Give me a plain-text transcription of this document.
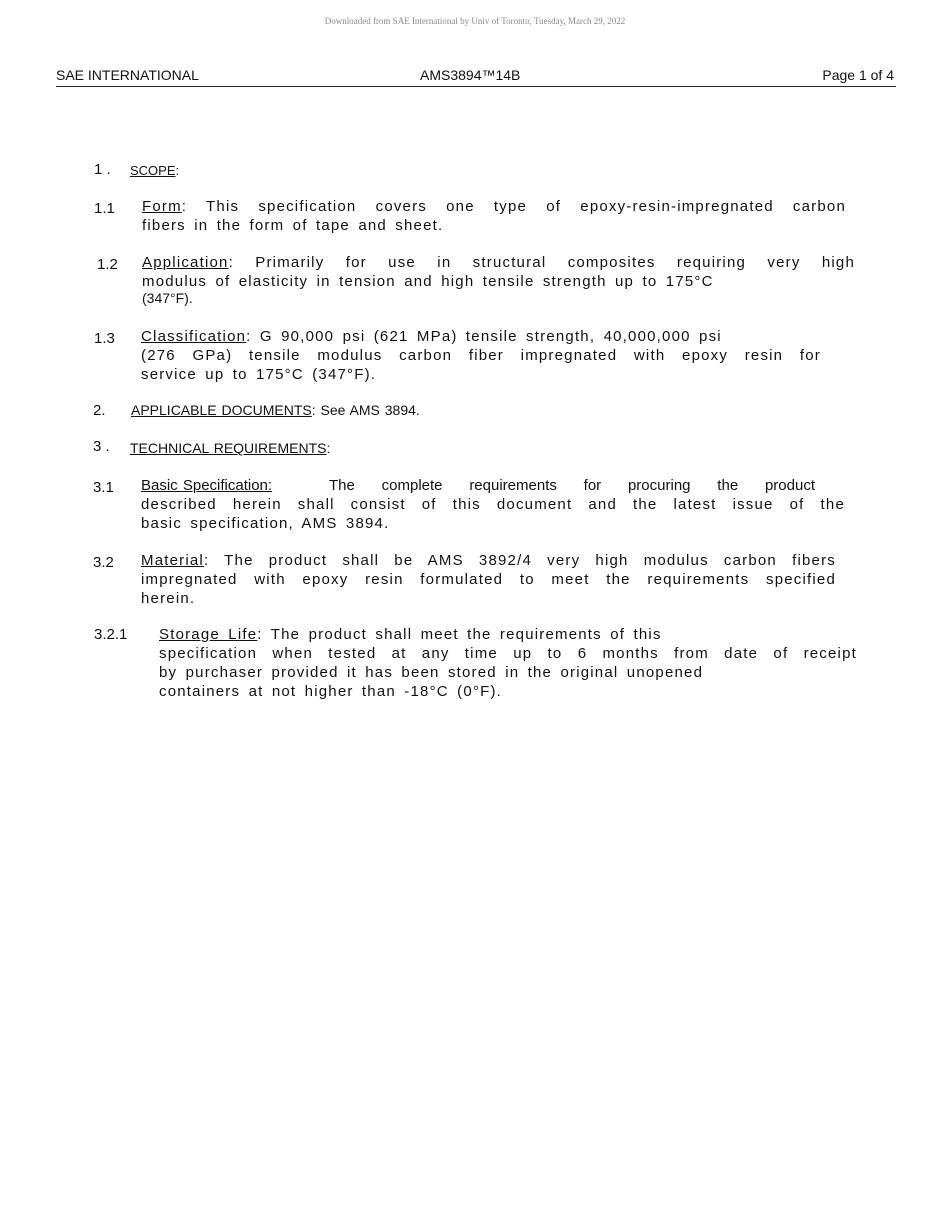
Downloaded from SAE International by Univ of Toronto, Tuesday, March 29, 2022
SAE INTERNATIONAL	AMS3894™14B	Page 1 of 4
1 . SCOPE:
1.1 Form: This specification covers one type of epoxy-resin-impregnated carbon
fibers in the form of tape and sheet.
1.2 Application: Primarily for use in structural composites requiring very high
modulus of elasticity in tension and high tensile strength up to 175°C
(347°F).
1.3 Classification: G 90,000 psi (621 MPa) tensile strength, 40,000,000 psi
(276 GPa) tensile modulus carbon fiber impregnated with epoxy resin for
service up to 175°C (347°F).
2. APPLICABLE DOCUMENTS: See AMS 3894.
3 . TECHNICAL REQUIREMENTS:
3.1 Basic Specification:	The complete requirements for procuring the product
described herein shall consist of this document and the latest issue of the
basic specification, AMS 3894.
3.2 Material: The product shall be AMS 3892/4 very high modulus carbon fibers
impregnated with epoxy resin formulated to meet the requirements specified
herein.
3.2.1 Storage Life: The product shall meet the requirements of this
specification when tested at any time up to 6 months from date of receipt
by purchaser provided it has been stored in the original unopened
containers at not higher than -18°C (0°F).
